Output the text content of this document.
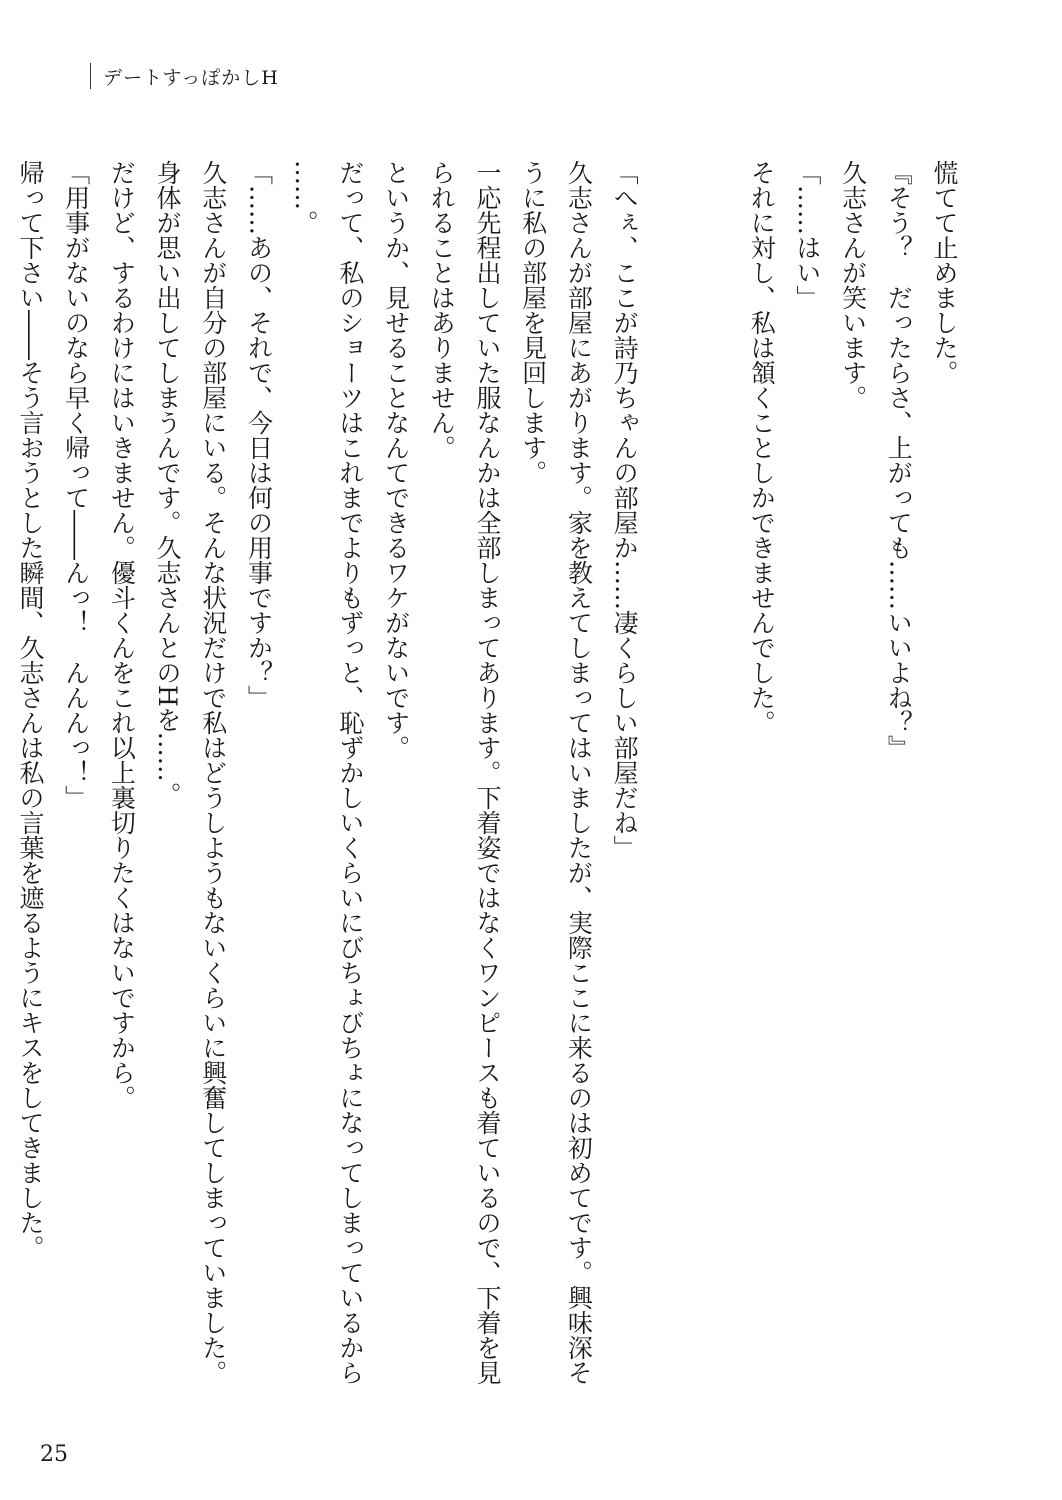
デートすっぽかしH

慌てて止めました。

『そう？　だったらさ、上がっても……いいよね？』

久志さんが笑います。

「……はい」

それに対し、私は頷くことしかできませんでした。

「へぇ、ここが詩乃ちゃんの部屋か……凄くらしい部屋だね」

久志さんが部屋にあがります。家を教えてしまってはいましたが、実際ここに来るのは初めてです。興味深そ

うに私の部屋を見回します。

一応先程出していた服なんかは全部しまってあります。下着姿ではなくワンピースも着ているので、下着を見

られることはありません。

というか、見せることなんてできるワケがないです。

だって、私のショーツはこれまでよりもずっと、恥ずかしいくらいにびちょびちょになってしまっているから

……。

「……あの、それで、今日は何の用事ですか？」

久志さんが自分の部屋にいる。そんな状況だけで私はどうしようもないくらいに興奮してしまっていました。

身体が思い出してしまうんです。久志さんとのHを……。

だけど、するわけにはいきません。優斗くんをこれ以上裏切りたくはないですから。

「用事がないのなら早く帰って――んっ！　んんんっ！」

帰って下さい――そう言おうとした瞬間、久志さんは私の言葉を遮るようにキスをしてきました。

25
